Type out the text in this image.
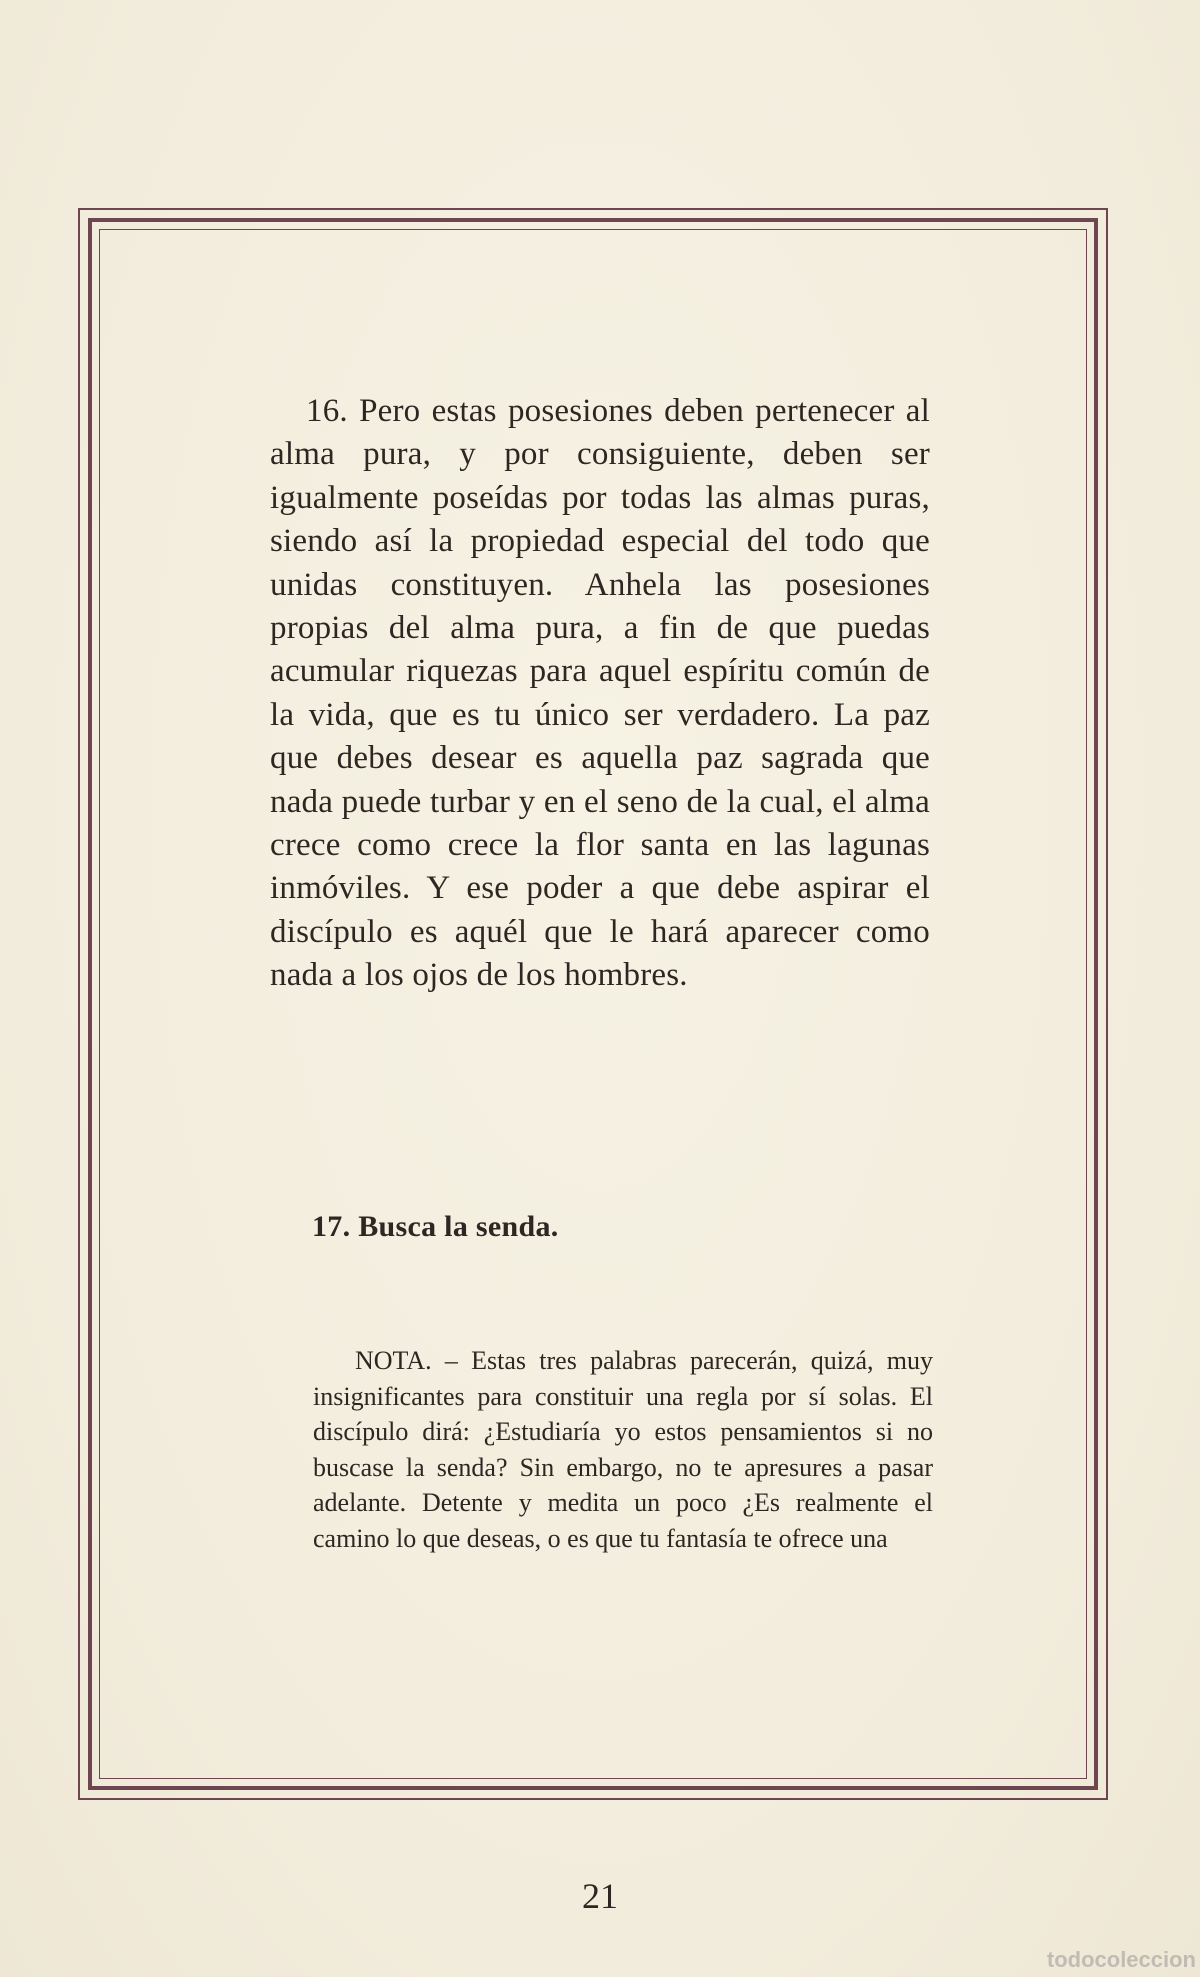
16. Pero estas posesiones deben pertenecer al alma pura, y por consiguiente, deben ser igualmente poseídas por todas las almas puras, siendo así la propiedad especial del todo que unidas constituyen. Anhela las posesiones propias del alma pura, a fin de que puedas acumular riquezas para aquel espíritu común de la vida, que es tu único ser verdadero. La paz que debes desear es aquella paz sagrada que nada puede turbar y en el seno de la cual, el alma crece como crece la flor santa en las lagunas inmóviles. Y ese poder a que debe aspirar el discípulo es aquél que le hará aparecer como nada a los ojos de los hombres.

17. Busca la senda.

NOTA. – Estas tres palabras parecerán, quizá, muy insignificantes para constituir una regla por sí solas. El discípulo dirá: ¿Estudiaría yo estos pensamientos si no buscase la senda? Sin embargo, no te apresures a pasar adelante. Detente y medita un poco ¿Es realmente el camino lo que deseas, o es que tu fantasía te ofrece una

21

todocoleccion
